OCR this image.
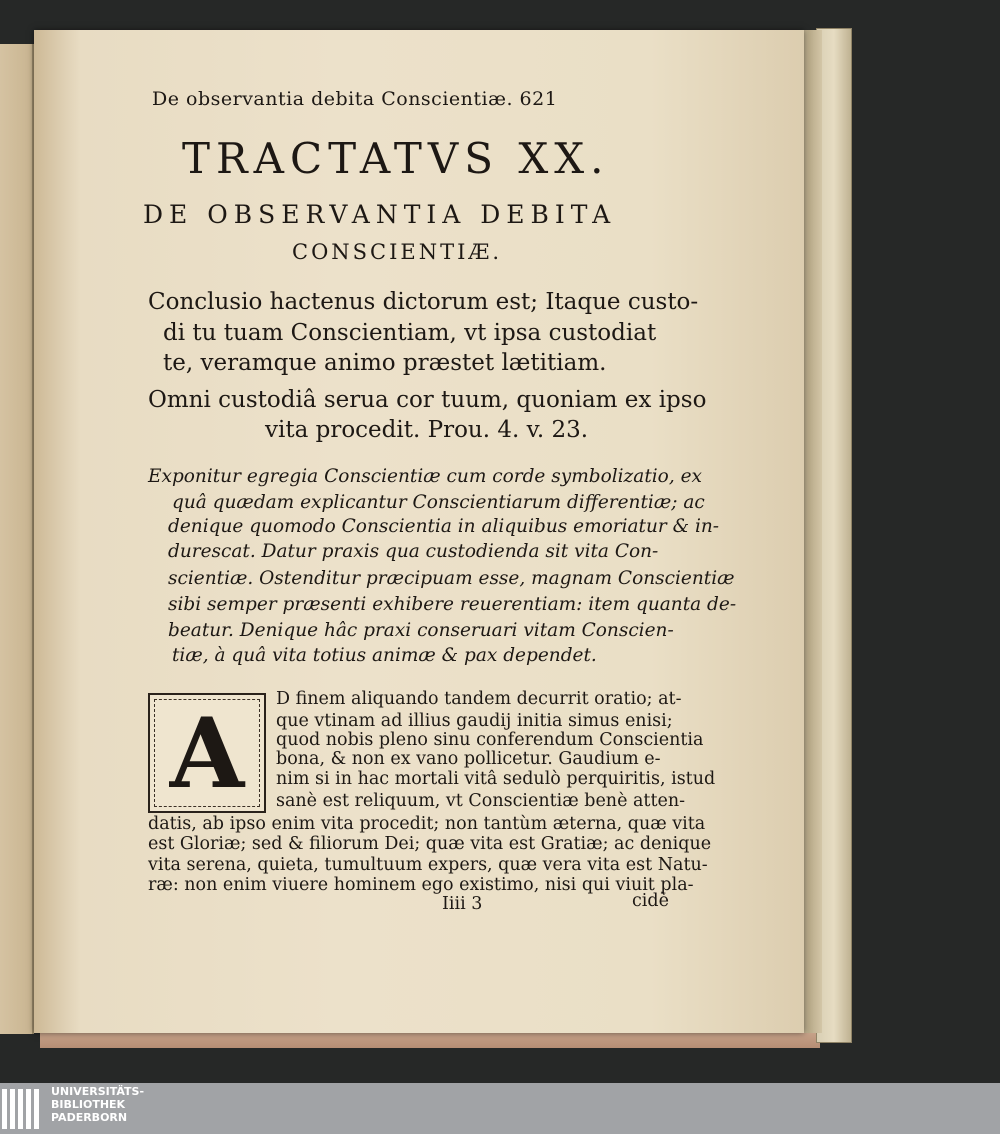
De observantia debita Conscientiæ. 621
TRACTATVS XX.
DE OBSERVANTIA DEBITA
CONSCIENTIÆ.
Conclusio hactenus dictorum est; Itaque custo-
di tu tuam Conscientiam, vt ipsa custodiat
te, veramque animo præstet lætitiam.
Omni custodiâ serua cor tuum, quoniam ex ipso
vita procedit. Prou. 4. v. 23.
Exponitur egregia Conscientiæ cum corde symbolizatio, ex
quâ quædam explicantur Conscientiarum differentiæ; ac
denique quomodo Conscientia in aliquibus emoriatur & in-
durescat. Datur praxis qua custodienda sit vita Con-
scientiæ. Ostenditur præcipuam esse, magnam Conscientiæ
sibi semper præsenti exhibere reuerentiam: item quanta de-
beatur. Denique hâc praxi conseruari vitam Conscien-
tiæ, à quâ vita totius animæ & pax dependet.
A	D finem aliquando tandem decurrit oratio; at-
que vtinam ad illius gaudij initia simus enisi;
quod nobis pleno sinu conferendum Conscientia
bona, & non ex vano pollicetur. Gaudium e-
nim si in hac mortali vitâ sedulò perquiritis, istud
sanè est reliquum, vt Conscientiæ benè atten-
datis, ab ipso enim vita procedit; non tantùm æterna, quæ vita
est Gloriæ; sed & filiorum Dei; quæ vita est Gratiæ; ac denique
vita serena, quieta, tumultuum expers, quæ vera vita est Natu-
ræ: non enim viuere hominem ego existimo, nisi qui viuit pla-
Iiii 3	cidè
UNIVERSITÄTS-
BIBLIOTHEK
PADERBORN
